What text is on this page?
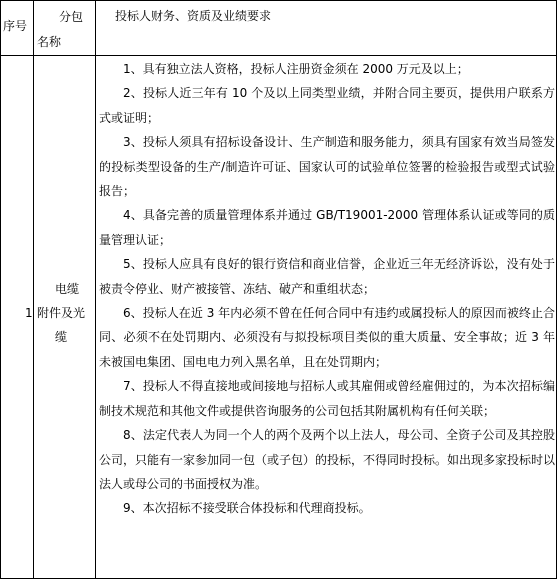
序号
分包
名称
投标人财务、资质及业绩要求
1
电缆
附件及光
缆

1、具有独立法人资格，投标人注册资金须在 2000 万元及以上；

2、投标人近三年有 10 个及以上同类型业绩，并附合同主要页，提供用户联系方式或证明；

3、投标人须具有招标设备设计、生产制造和服务能力，须具有国家有效当局签发的投标类型设备的生产/制造许可证、国家认可的试验单位签署的检验报告或型式试验报告；

4、具备完善的质量管理体系并通过 GB/T19001-2000 管理体系认证或等同的质量管理认证；

5、投标人应具有良好的银行资信和商业信誉，企业近三年无经济诉讼，没有处于被责令停业、财产被接管、冻结、破产和重组状态；

6、投标人在近 3 年内必须不曾在任何合同中有违约或属投标人的原因而被终止合同、必须不在处罚期内、必须没有与拟投标项目类似的重大质量、安全事故；近 3 年未被国电集团、国电电力列入黑名单，且在处罚期内；

7、投标人不得直接地或间接地与招标人或其雇佣或曾经雇佣过的，为本次招标编制技术规范和其他文件或提供咨询服务的公司包括其附属机构有任何关联；

8、法定代表人为同一个人的两个及两个以上法人，母公司、全资子公司及其控股公司，只能有一家参加同一包（或子包）的投标，不得同时投标。如出现多家投标时以法人或母公司的书面授权为准。

9、本次招标不接受联合体投标和代理商投标。
